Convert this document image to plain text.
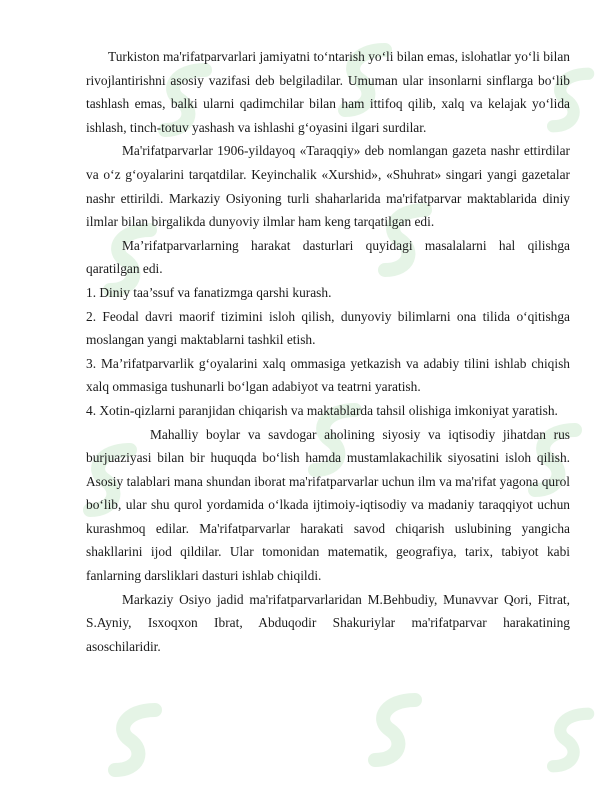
Turkiston ma'rifatparvarlari jamiyatni to‘ntarish yo‘li bilan emas, islohatlar yo‘li bilan rivojlantirishni asosiy vazifasi deb belgiladilar. Umuman ular insonlarni sinflarga bo‘lib tashlash emas, balki ularni qadimchilar bilan ham ittifoq qilib, xalq va kelajak yo‘lida ishlash, tinch-totuv yashash va ishlashi g‘oyasini ilgari surdilar.

Ma'rifatparvarlar 1906-yildayoq «Taraqqiy» deb nomlangan gazeta nashr ettirdilar va o‘z g‘oyalarini tarqatdilar. Keyinchalik «Xurshid», «Shuhrat» singari yangi gazetalar nashr ettirildi. Markaziy Osiyoning turli shaharlarida ma'rifatparvar maktablarida diniy ilmlar bilan birgalikda dunyoviy ilmlar ham keng tarqatilgan edi.

Ma’rifatparvarlarning harakat dasturlari quyidagi masalalarni hal qilishga qaratilgan edi.

1. Diniy taa’ssuf va fanatizmga qarshi kurash.

2. Feodal davri maorif tizimini isloh qilish, dunyoviy bilimlarni ona tilida o‘qitishga moslangan yangi maktablarni tashkil etish.

3. Ma’rifatparvarlik g‘oyalarini xalq ommasiga yetkazish va adabiy tilini ishlab chiqish xalq ommasiga tushunarli bo‘lgan adabiyot va teatrni yaratish.

4. Xotin-qizlarni paranjidan chiqarish va maktablarda tahsil olishiga imkoniyat yaratish.

Mahalliy boylar va savdogar aholining siyosiy va iqtisodiy jihatdan rus burjuaziyasi bilan bir huquqda bo‘lish hamda mustamlakachilik siyosatini isloh qilish. Asosiy talablari mana shundan iborat ma'rifatparvarlar uchun ilm va ma'rifat yagona qurol bo‘lib, ular shu qurol yordamida o‘lkada ijtimoiy-iqtisodiy va madaniy taraqqiyot uchun kurashmoq edilar. Ma'rifatparvarlar harakati savod chiqarish uslubining yangicha shakllarini ijod qildilar. Ular tomonidan matematik, geografiya, tarix, tabiyot kabi fanlarning darsliklari dasturi ishlab chiqildi.

Markaziy Osiyo jadid ma'rifatparvarlaridan M.Behbudiy, Munavvar Qori, Fitrat, S.Ayniy, Isxoqxon Ibrat, Abduqodir Shakuriylar ma'rifatparvar harakatining asoschilaridir.
